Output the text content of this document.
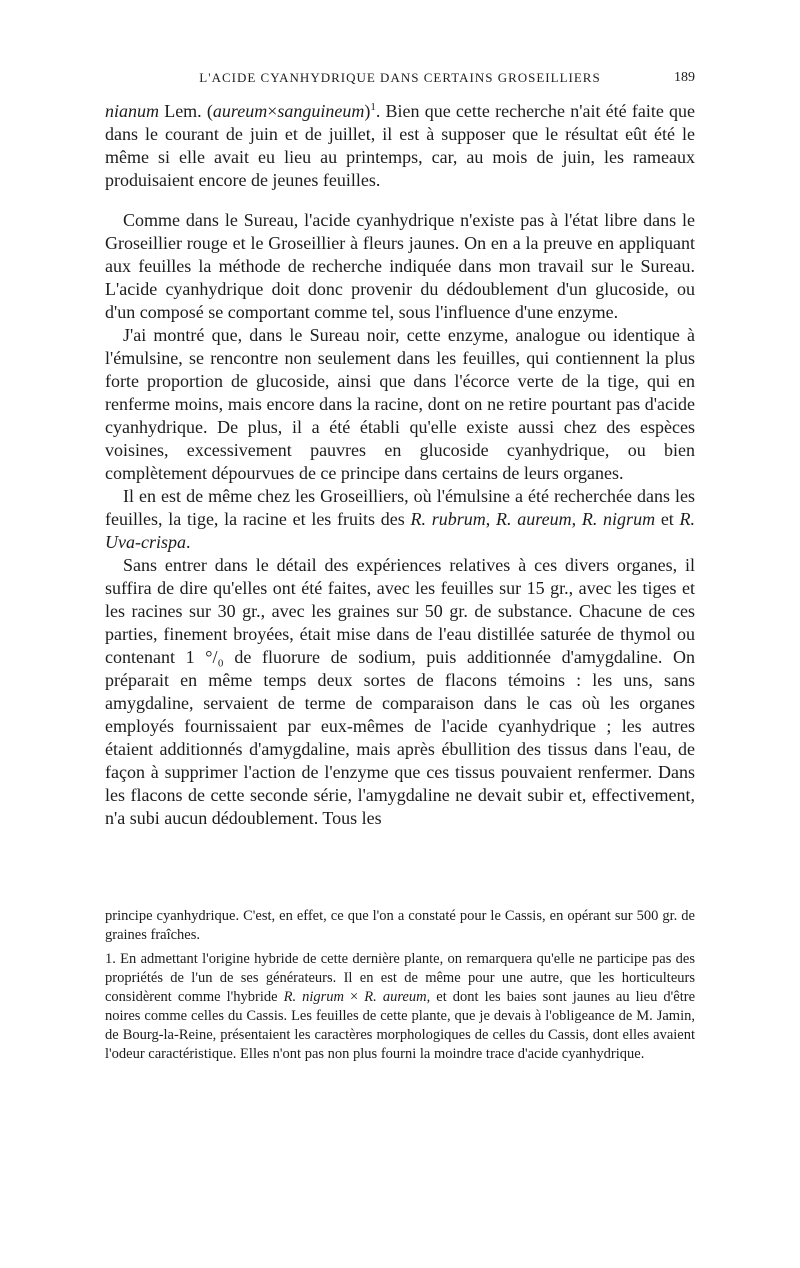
L'ACIDE CYANHYDRIQUE DANS CERTAINS GROSEILLIERS	189

nianum Lem. (aureum×sanguineum)$^1$. Bien que cette recherche n'ait été faite que dans le courant de juin et de juillet, il est à supposer que le résultat eût été le même si elle avait eu lieu au printemps, car, au mois de juin, les rameaux produisaient encore de jeunes feuilles.

Comme dans le Sureau, l'acide cyanhydrique n'existe pas à l'état libre dans le Groseillier rouge et le Groseillier à fleurs jaunes. On en a la preuve en appliquant aux feuilles la méthode de recherche indiquée dans mon travail sur le Sureau. L'acide cyanhydrique doit donc provenir du dédoublement d'un glucoside, ou d'un composé se comportant comme tel, sous l'influence d'une enzyme.

J'ai montré que, dans le Sureau noir, cette enzyme, analogue ou identique à l'émulsine, se rencontre non seulement dans les feuilles, qui contiennent la plus forte proportion de glucoside, ainsi que dans l'écorce verte de la tige, qui en renferme moins, mais encore dans la racine, dont on ne retire pourtant pas d'acide cyanhydrique. De plus, il a été établi qu'elle existe aussi chez des espèces voisines, excessivement pauvres en glucoside cyanhydrique, ou bien complètement dépourvues de ce principe dans certains de leurs organes.

Il en est de même chez les Groseilliers, où l'émulsine a été recherchée dans les feuilles, la tige, la racine et les fruits des R. rubrum, R. aureum, R. nigrum et R. Uva-crispa.

Sans entrer dans le détail des expériences relatives à ces divers organes, il suffira de dire qu'elles ont été faites, avec les feuilles sur 15 gr., avec les tiges et les racines sur 30 gr., avec les graines sur 50 gr. de substance. Chacune de ces parties, finement broyées, était mise dans de l'eau distillée saturée de thymol ou contenant 1 °/₀ de fluorure de sodium, puis additionnée d'amygdaline. On préparait en même temps deux sortes de flacons témoins : les uns, sans amygdaline, servaient de terme de comparaison dans le cas où les organes employés fournissaient par eux-mêmes de l'acide cyanhydrique ; les autres étaient additionnés d'amygdaline, mais après ébullition des tissus dans l'eau, de façon à supprimer l'action de l'enzyme que ces tissus pouvaient renfermer. Dans les flacons de cette seconde série, l'amygdaline ne devait subir et, effectivement, n'a subi aucun dédoublement. Tous les

principe cyanhydrique. C'est, en effet, ce que l'on a constaté pour le Cassis, en opérant sur 500 gr. de graines fraîches.

1. En admettant l'origine hybride de cette dernière plante, on remarquera qu'elle ne participe pas des propriétés de l'un de ses générateurs. Il en est de même pour une autre, que les horticulteurs considèrent comme l'hybride R. nigrum × R. aureum, et dont les baies sont jaunes au lieu d'être noires comme celles du Cassis. Les feuilles de cette plante, que je devais à l'obligeance de M. Jamin, de Bourg-la-Reine, présentaient les caractères morphologiques de celles du Cassis, dont elles avaient l'odeur caractéristique. Elles n'ont pas non plus fourni la moindre trace d'acide cyanhydrique.
